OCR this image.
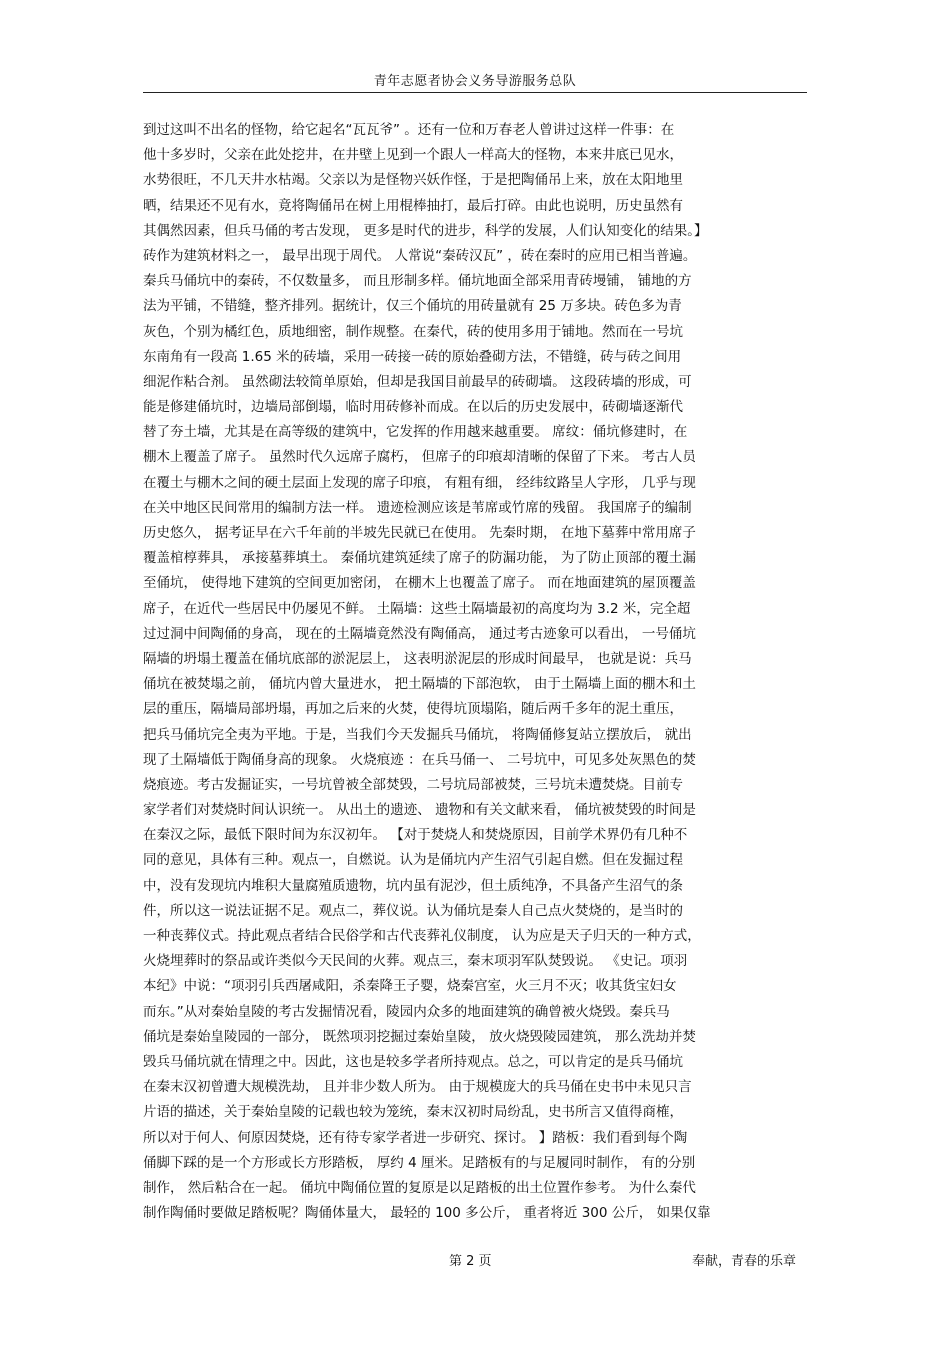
青年志愿者协会义务导游服务总队
到过这叫不出名的怪物，给它起名“瓦瓦爷” 。还有一位和万春老人曾讲过这样一件事：在
他十多岁时，父亲在此处挖井，在井壁上见到一个跟人一样高大的怪物，本来井底已见水，
水势很旺，不几天井水枯竭。父亲以为是怪物兴妖作怪，于是把陶俑吊上来，放在太阳地里
晒，结果还不见有水，竟将陶俑吊在树上用棍棒抽打，最后打碎。由此也说明，历史虽然有
其偶然因素，但兵马俑的考古发现， 更多是时代的进步，科学的发展，人们认知变化的结果。】
砖作为建筑材料之一， 最早出现于周代。 人常说“秦砖汉瓦” ，砖在秦时的应用已相当普遍。
秦兵马俑坑中的秦砖，不仅数量多， 而且形制多样。俑坑地面全部采用青砖墁铺， 铺地的方
法为平铺，不错缝，整齐排列。据统计，仅三个俑坑的用砖量就有 25 万多块。砖色多为青
灰色，个别为橘红色，质地细密，制作规整。在秦代，砖的使用多用于铺地。然而在一号坑
东南角有一段高 1.65 米的砖墙，采用一砖接一砖的原始叠砌方法，不错缝，砖与砖之间用
细泥作粘合剂。 虽然砌法较简单原始，但却是我国目前最早的砖砌墙。 这段砖墙的形成，可
能是修建俑坑时，边墙局部倒塌，临时用砖修补而成。在以后的历史发展中，砖砌墙逐渐代
替了夯土墙，尤其是在高等级的建筑中，它发挥的作用越来越重要。 席纹：俑坑修建时，在
棚木上覆盖了席子。 虽然时代久远席子腐朽， 但席子的印痕却清晰的保留了下来。 考古人员
在覆土与棚木之间的硬土层面上发现的席子印痕， 有粗有细， 经纬纹路呈人字形， 几乎与现
在关中地区民间常用的编制方法一样。 遗迹检测应该是苇席或竹席的残留。 我国席子的编制
历史悠久， 据考证早在六千年前的半坡先民就已在使用。 先秦时期， 在地下墓葬中常用席子
覆盖棺椁葬具， 承接墓葬填土。 秦俑坑建筑延续了席子的防漏功能， 为了防止顶部的覆土漏
至俑坑， 使得地下建筑的空间更加密闭， 在棚木上也覆盖了席子。 而在地面建筑的屋顶覆盖
席子，在近代一些居民中仍屡见不鲜。 土隔墙：这些土隔墙最初的高度均为 3.2 米，完全超
过过洞中间陶俑的身高， 现在的土隔墙竟然没有陶俑高， 通过考古迹象可以看出， 一号俑坑
隔墙的坍塌土覆盖在俑坑底部的淤泥层上， 这表明淤泥层的形成时间最早， 也就是说：兵马
俑坑在被焚塌之前， 俑坑内曾大量进水， 把土隔墙的下部泡软， 由于土隔墙上面的棚木和土
层的重压，隔墙局部坍塌，再加之后来的火焚，使得坑顶塌陷，随后两千多年的泥土重压，
把兵马俑坑完全夷为平地。于是，当我们今天发掘兵马俑坑， 将陶俑修复站立摆放后， 就出
现了土隔墙低于陶俑身高的现象。 火烧痕迹 ：在兵马俑一、 二号坑中，可见多处灰黑色的焚
烧痕迹。考古发掘证实，一号坑曾被全部焚毁，二号坑局部被焚，三号坑未遭焚烧。目前专
家学者们对焚烧时间认识统一。 从出土的遗迹、 遗物和有关文献来看， 俑坑被焚毁的时间是
在秦汉之际，最低下限时间为东汉初年。 【对于焚烧人和焚烧原因，目前学术界仍有几种不
同的意见，具体有三种。观点一，自燃说。认为是俑坑内产生沼气引起自燃。但在发掘过程
中，没有发现坑内堆积大量腐殖质遗物，坑内虽有泥沙，但土质纯净，不具备产生沼气的条
件，所以这一说法证据不足。观点二，葬仪说。认为俑坑是秦人自己点火焚烧的，是当时的
一种丧葬仪式。持此观点者结合民俗学和古代丧葬礼仪制度， 认为应是天子归天的一种方式，
火烧埋葬时的祭品或许类似今天民间的火葬。观点三，秦末项羽军队焚毁说。 《史记。项羽
本纪》中说：“项羽引兵西屠咸阳，杀秦降王子婴，烧秦宫室，火三月不灭；收其货宝妇女
而东。”从对秦始皇陵的考古发掘情况看，陵园内众多的地面建筑的确曾被火烧毁。秦兵马
俑坑是秦始皇陵园的一部分， 既然项羽挖掘过秦始皇陵， 放火烧毁陵园建筑， 那么洗劫并焚
毁兵马俑坑就在情理之中。因此，这也是较多学者所持观点。总之，可以肯定的是兵马俑坑
在秦末汉初曾遭大规模洗劫， 且并非少数人所为。 由于规模庞大的兵马俑在史书中未见只言
片语的描述，关于秦始皇陵的记载也较为笼统，秦末汉初时局纷乱，史书所言又值得商榷，
所以对于何人、何原因焚烧，还有待专家学者进一步研究、探讨。 】踏板：我们看到每个陶
俑脚下踩的是一个方形或长方形踏板， 厚约 4 厘米。足踏板有的与足履同时制作， 有的分别
制作， 然后粘合在一起。 俑坑中陶俑位置的复原是以足踏板的出土位置作参考。 为什么秦代
制作陶俑时要做足踏板呢？陶俑体量大， 最轻的 100 多公斤， 重者将近 300 公斤， 如果仅靠
第 2 页	奉献，青春的乐章
